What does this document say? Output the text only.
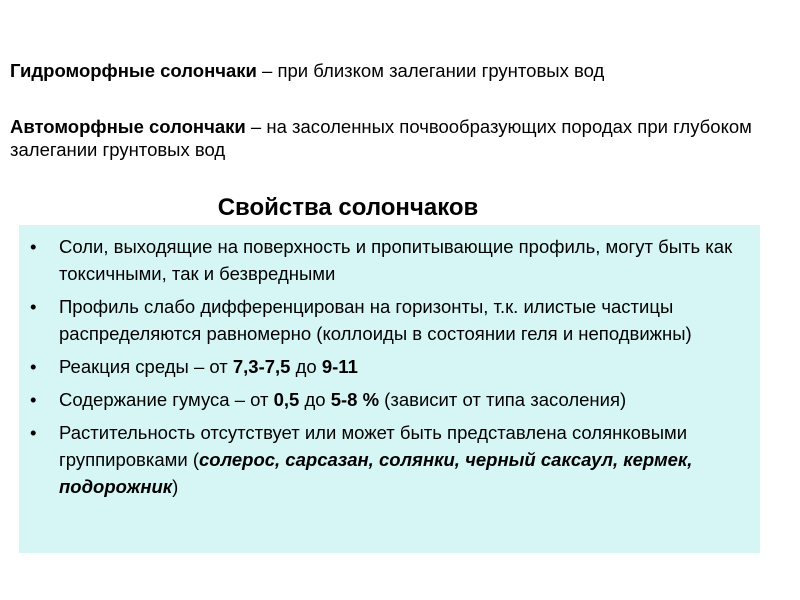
Гидроморфные солончаки – при близком залегании грунтовых вод
Автоморфные солончаки – на засоленных почвообразующих породах при глубоком залегании грунтовых вод
Свойства солончаков
• Соли, выходящие на поверхность и пропитывающие профиль, могут быть как токсичными, так и безвредными
• Профиль слабо дифференцирован на горизонты, т.к. илистые частицы распределяются равномерно (коллоиды в состоянии геля и неподвижны)
• Реакция среды – от 7,3-7,5 до 9-11
• Содержание гумуса – от 0,5 до 5-8 % (зависит от типа засоления)
• Растительность отсутствует или может быть представлена солянковыми группировками (солерос, сарсазан, солянки, черный саксаул, кермек, подорожник)
